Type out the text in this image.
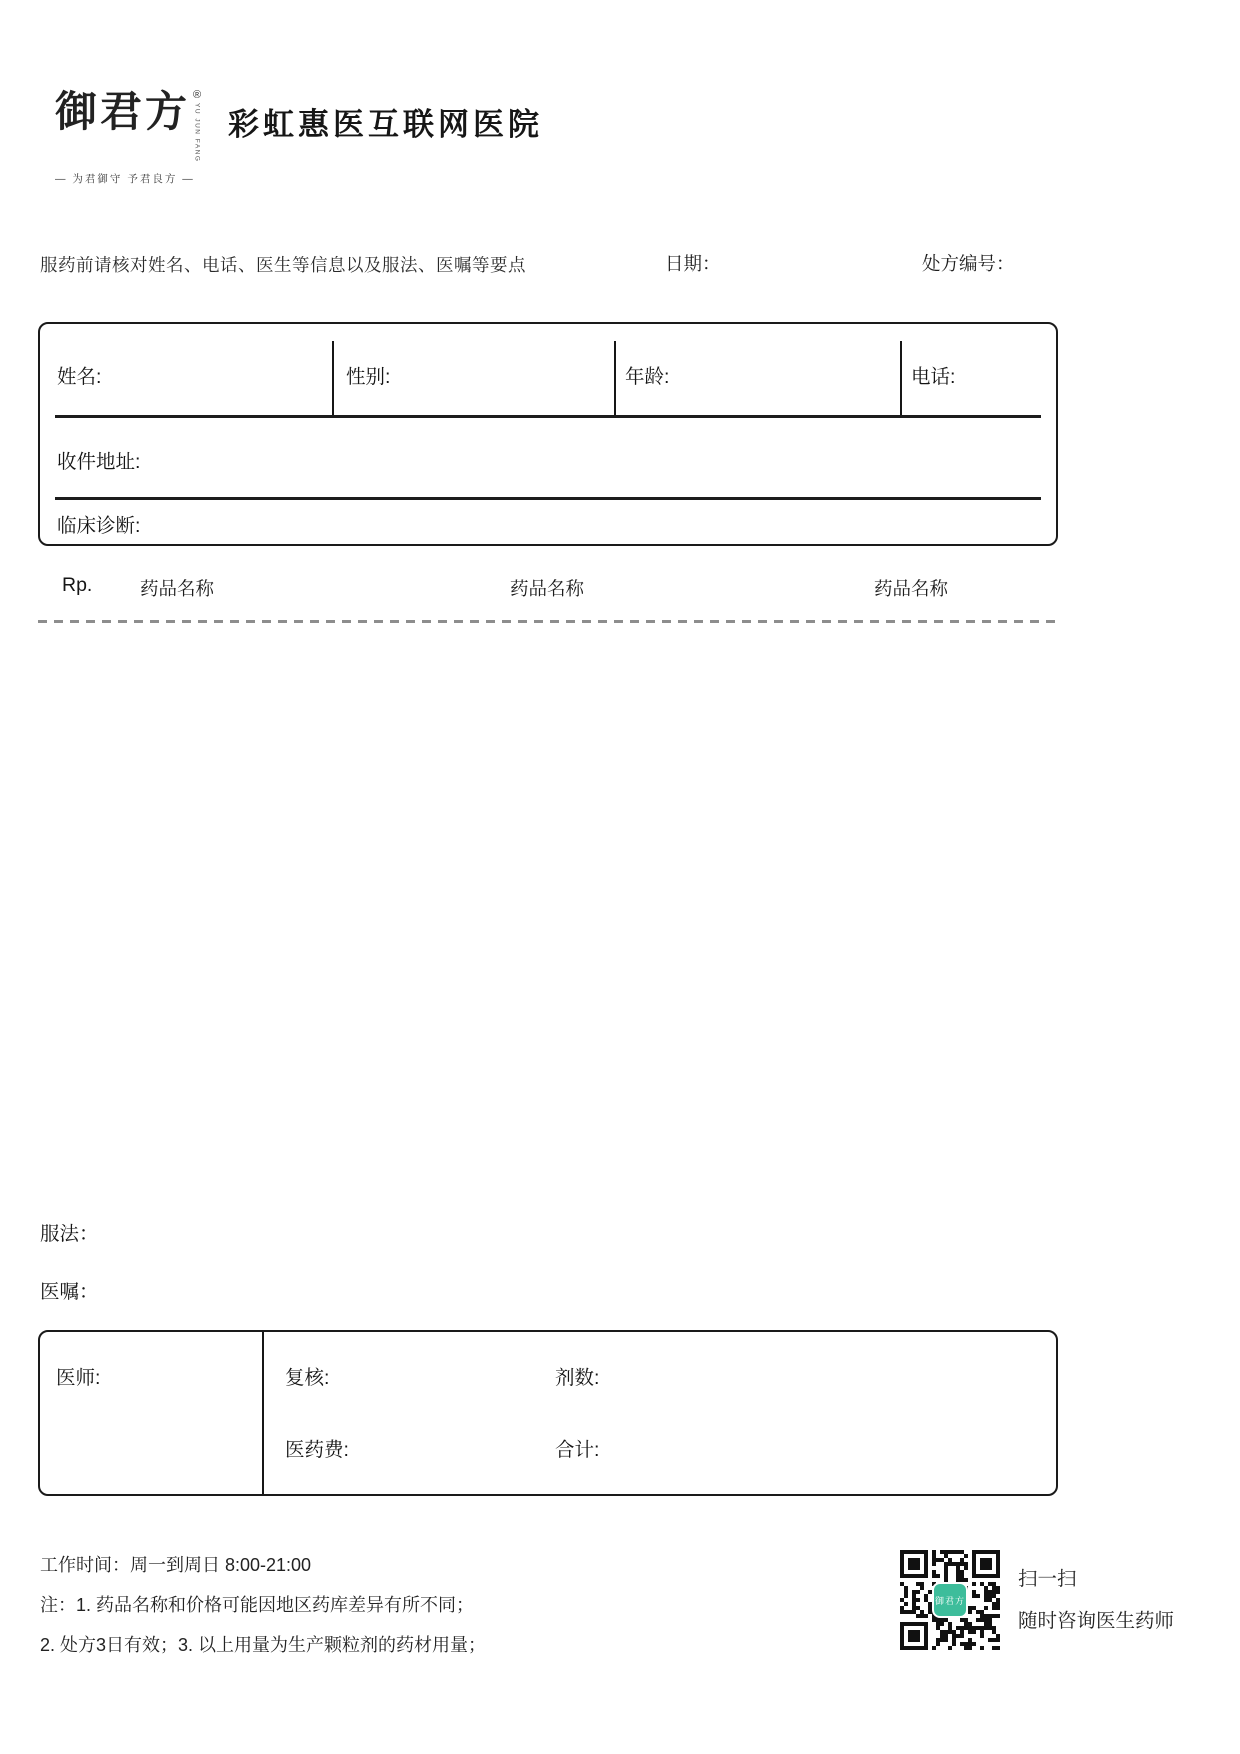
御君方 ®
YU JUN FANG
— 为君御守 予君良方 —
彩虹惠医互联网医院
服药前请核对姓名、电话、医生等信息以及服法、医嘱等要点	日期：	处方编号：
姓名:	性别:	年龄:	电话:
收件地址:
临床诊断:
Rp.	药品名称	药品名称	药品名称
服法：
医嘱：
医师:	复核:	剂数:
医药费:	合计:
工作时间：周一到周日 8:00-21:00
注：1. 药品名称和价格可能因地区药库差异有所不同；
2. 处方3日有效；3. 以上用量为生产颗粒剂的药材用量；
御君方
扫一扫
随时咨询医生药师
